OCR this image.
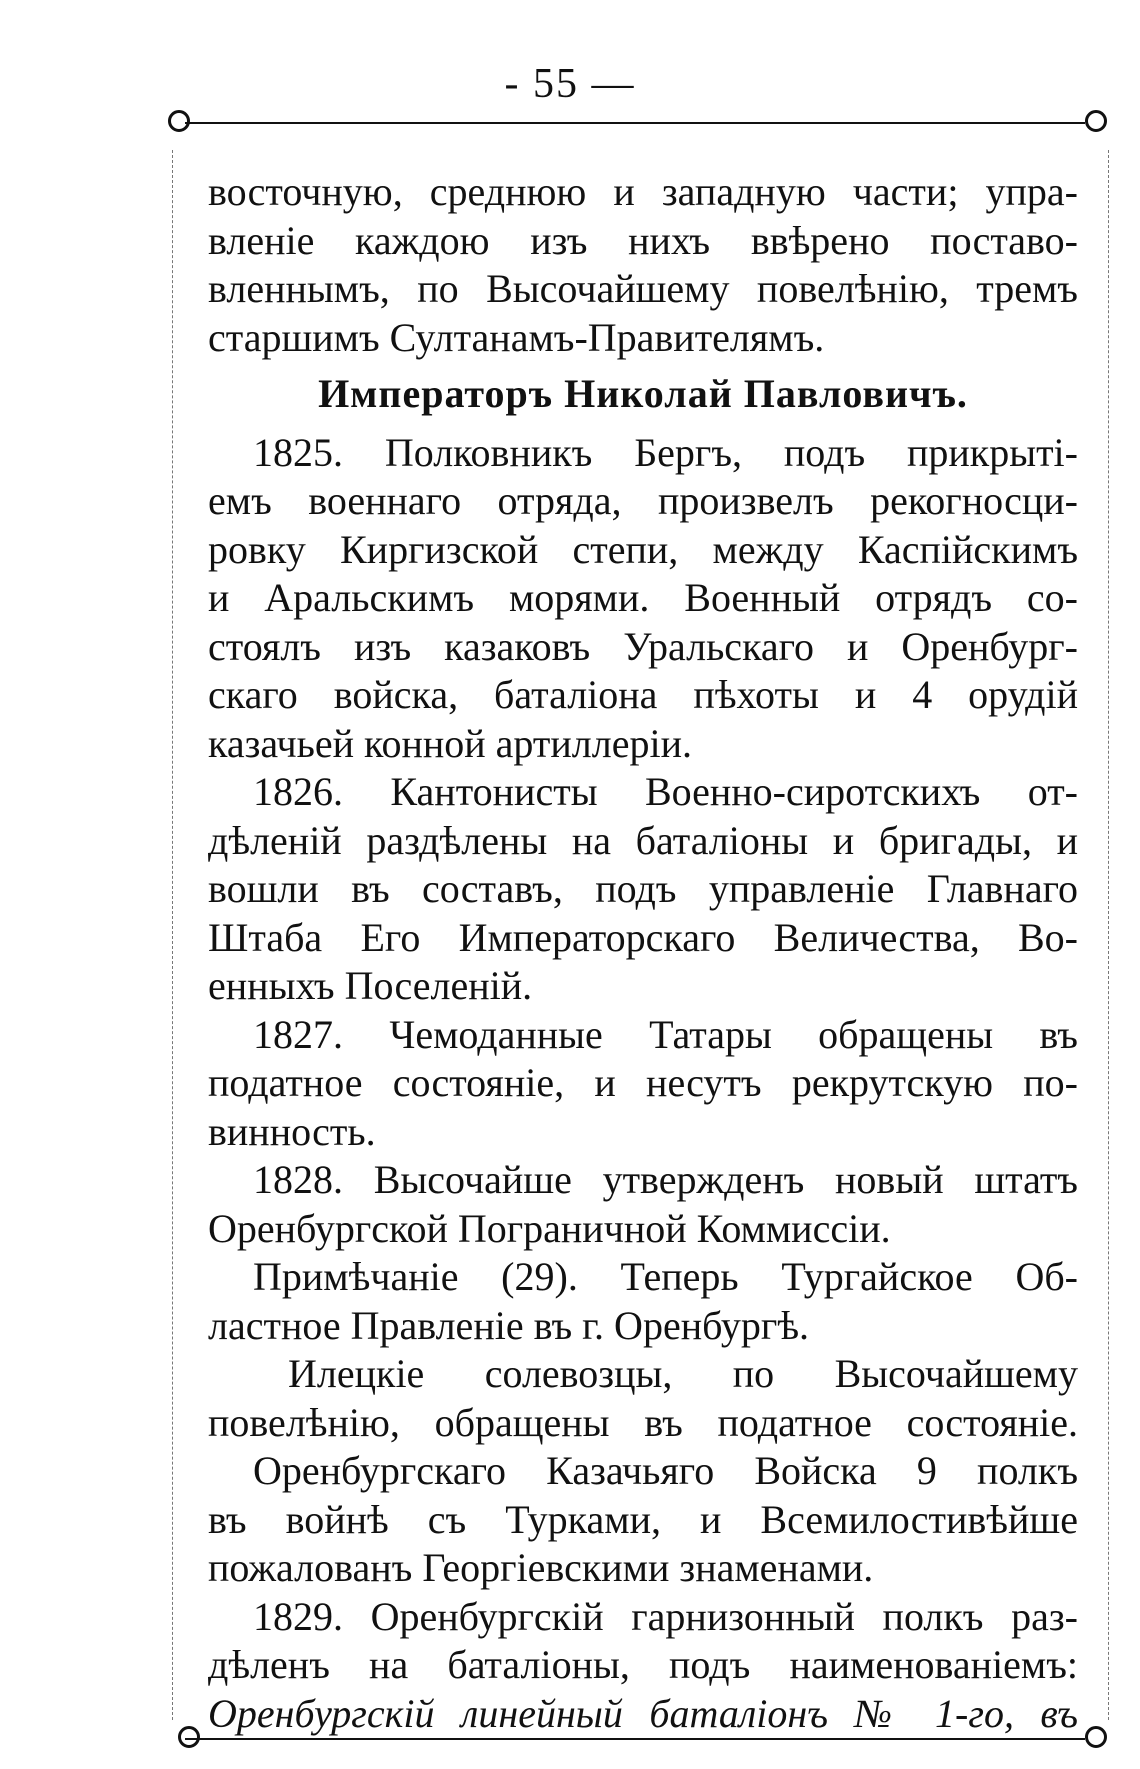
- 55 —
восточную, среднюю и западную части; упра-
вленіе каждою изъ нихъ ввѣрено поставо-
вленнымъ, по Высочайшему повелѣнію, тремъ
старшимъ Султанамъ-Правителямъ.
Императоръ Николай Павловичъ.
1825. Полковникъ Бергъ, подъ прикрыті-
емъ военнаго отряда, произвелъ рекогносци-
ровку Киргизской степи, между Каспійскимъ
и Аральскимъ морями. Военный отрядъ со-
стоялъ изъ казаковъ Уральскаго и Оренбург-
скаго войска, баталіона пѣхоты и 4 орудій
казачьей конной артиллеріи.
1826. Кантонисты Военно-сиротскихъ от-
дѣленій раздѣлены на баталіоны и бригады, и
вошли въ составъ, подъ управленіе Главнаго
Штаба Его Императорскаго Величества, Во-
енныхъ Поселеній.
1827. Чемоданные Татары обращены въ
податное состояніе, и несутъ рекрутскую по-
винность.
1828. Высочайше утвержденъ новый штатъ
Оренбургской Пограничной Коммиссіи.
Примѣчаніе (29). Теперь Тургайское Об-
ластное Правленіе въ г. Оренбургѣ.
Илецкіе солевозцы, по Высочайшему
повелѣнію, обращены въ податное состояніе.
Оренбургскаго Казачьяго Войска 9 полкъ
въ войнѣ съ Турками, и Всемилостивѣйше
пожалованъ Георгіевскими знаменами.
1829. Оренбургскій гарнизонный полкъ раз-
дѣленъ на баталіоны, подъ наименованіемъ:
Оренбургскій линейный баталіонъ № 1-го, въ
